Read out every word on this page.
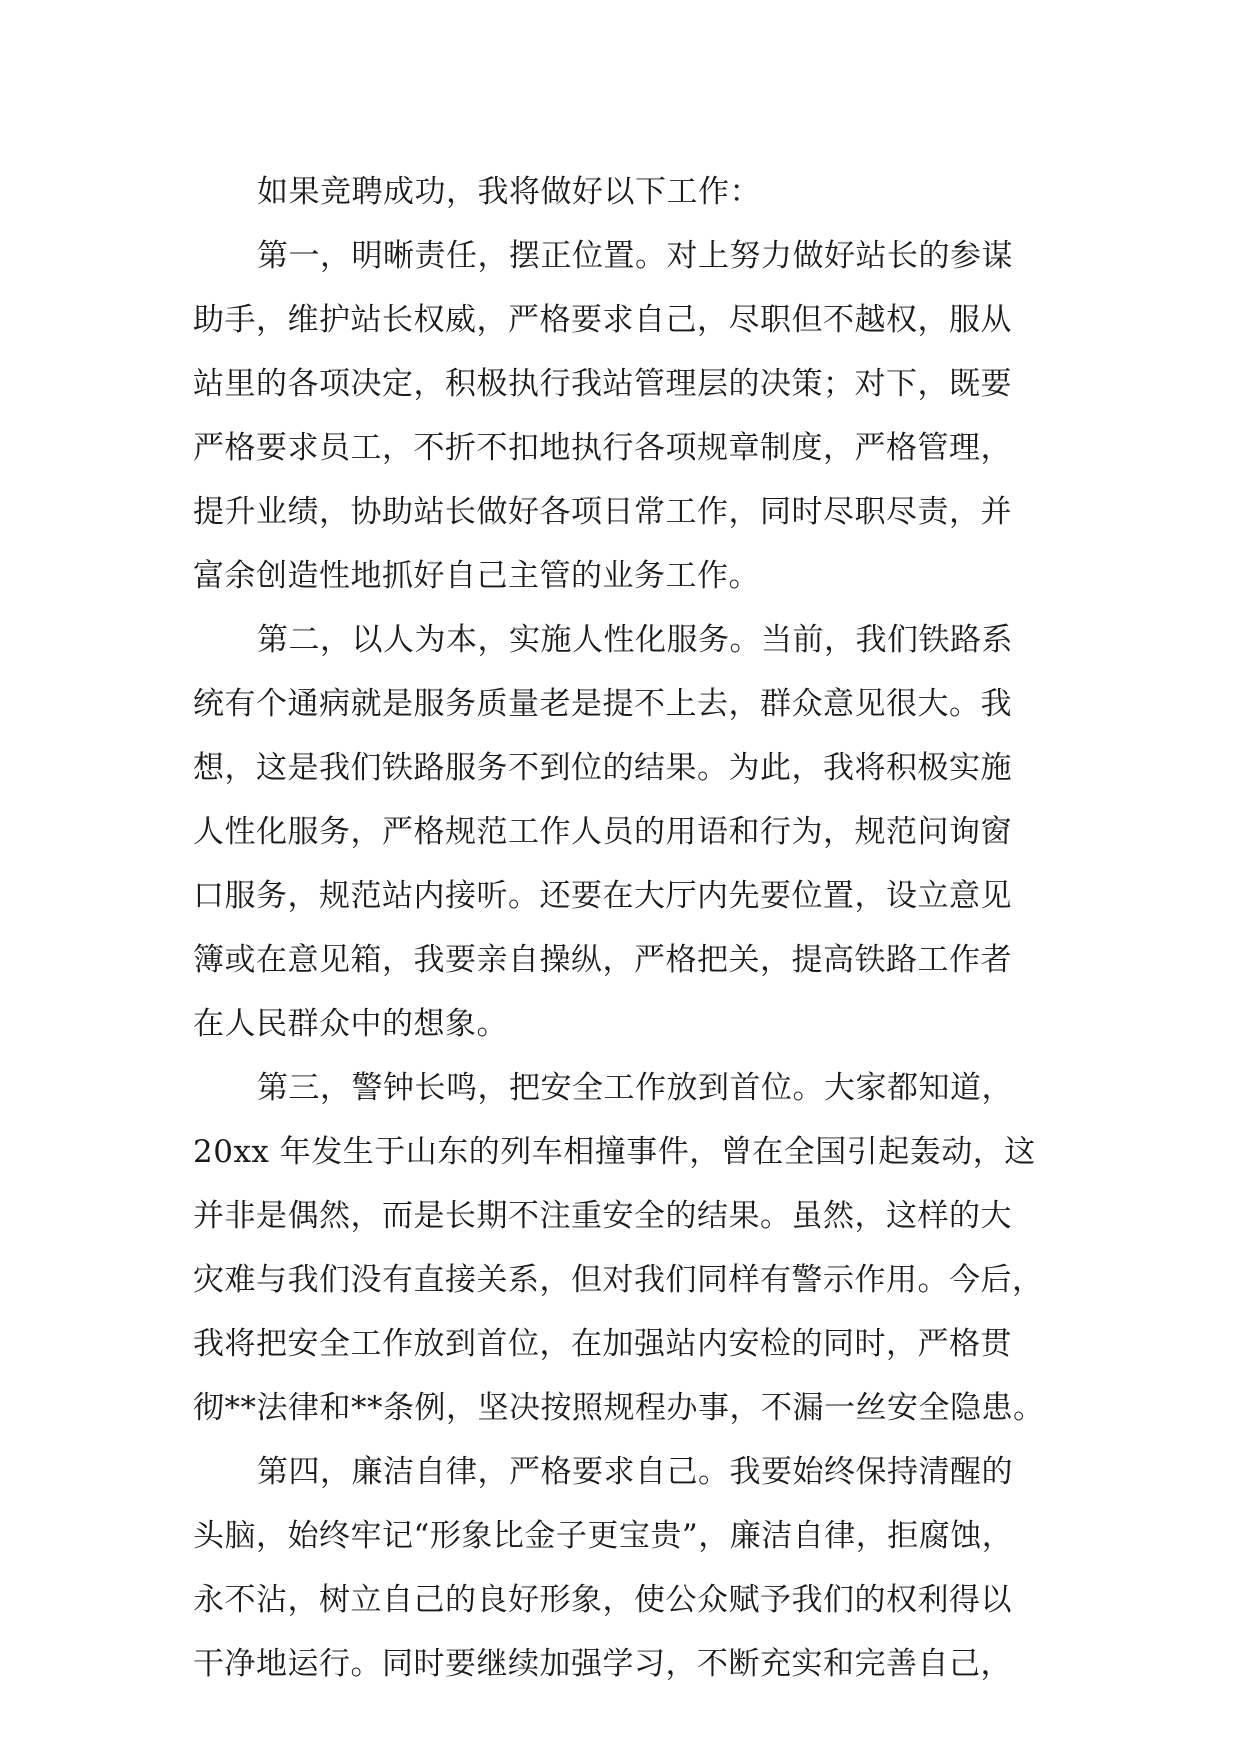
如果竞聘成功，我将做好以下工作：
第一，明晰责任，摆正位置。对上努力做好站长的参谋
助手，维护站长权威，严格要求自己，尽职但不越权，服从
站里的各项决定，积极执行我站管理层的决策；对下，既要
严格要求员工，不折不扣地执行各项规章制度，严格管理，
提升业绩，协助站长做好各项日常工作，同时尽职尽责，并
富余创造性地抓好自己主管的业务工作。
第二，以人为本，实施人性化服务。当前，我们铁路系
统有个通病就是服务质量老是提不上去，群众意见很大。我
想，这是我们铁路服务不到位的结果。为此，我将积极实施
人性化服务，严格规范工作人员的用语和行为，规范问询窗
口服务，规范站内接听。还要在大厅内先要位置，设立意见
簿或在意见箱，我要亲自操纵，严格把关，提高铁路工作者
在人民群众中的想象。
第三，警钟长鸣，把安全工作放到首位。大家都知道，
20xx 年发生于山东的列车相撞事件，曾在全国引起轰动，这
并非是偶然，而是长期不注重安全的结果。虽然，这样的大
灾难与我们没有直接关系，但对我们同样有警示作用。今后，
我将把安全工作放到首位，在加强站内安检的同时，严格贯
彻**法律和**条例，坚决按照规程办事，不漏一丝安全隐患。
第四，廉洁自律，严格要求自己。我要始终保持清醒的
头脑，始终牢记“形象比金子更宝贵”，廉洁自律，拒腐蚀，
永不沾，树立自己的良好形象，使公众赋予我们的权利得以
干净地运行。同时要继续加强学习，不断充实和完善自己，
